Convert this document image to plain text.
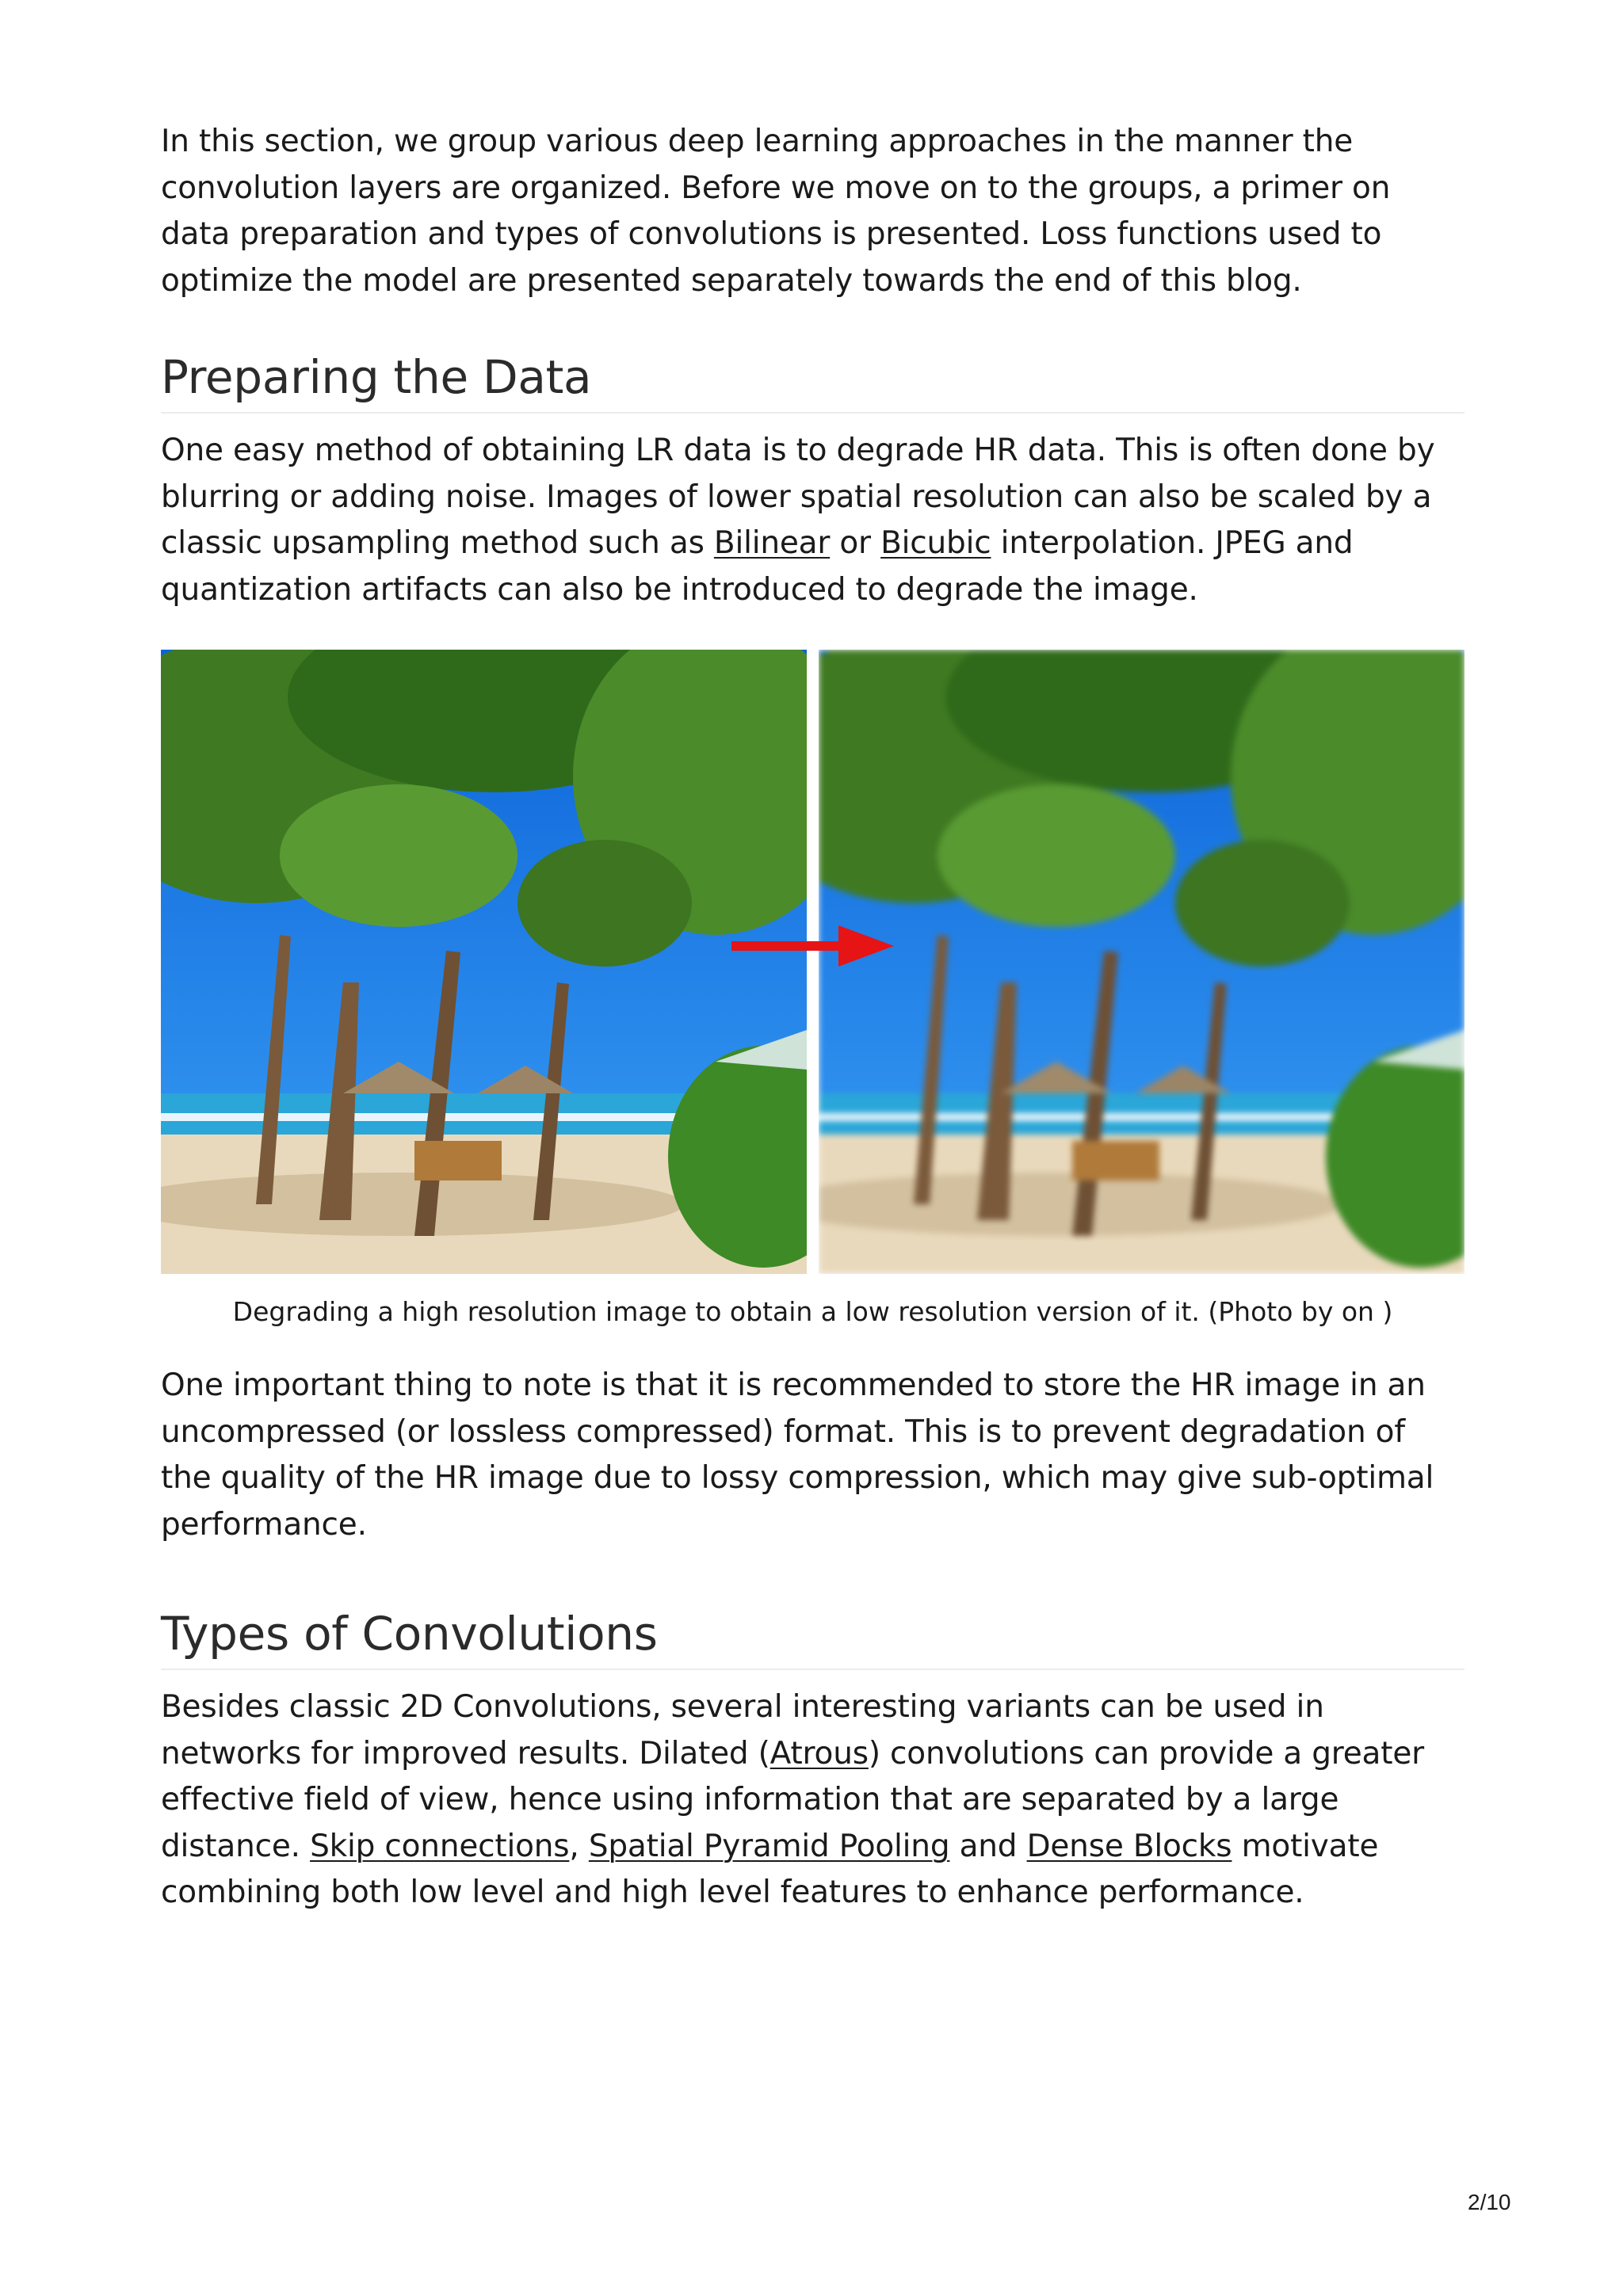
In this section, we group various deep learning approaches in the manner the convolution layers are organized. Before we move on to the groups, a primer on data preparation and types of convolutions is presented. Loss functions used to optimize the model are presented separately towards the end of this blog.

Preparing the Data

One easy method of obtaining LR data is to degrade HR data. This is often done by blurring or adding noise. Images of lower spatial resolution can also be scaled by a classic upsampling method such as Bilinear or Bicubic interpolation. JPEG and quantization artifacts can also be introduced to degrade the image.

Degrading a high resolution image to obtain a low resolution version of it. (Photo by on )

One important thing to note is that it is recommended to store the HR image in an uncompressed (or lossless compressed) format. This is to prevent degradation of the quality of the HR image due to lossy compression, which may give sub-optimal performance.

Types of Convolutions

Besides classic 2D Convolutions, several interesting variants can be used in networks for improved results. Dilated (Atrous) convolutions can provide a greater effective field of view, hence using information that are separated by a large distance. Skip connections, Spatial Pyramid Pooling and Dense Blocks motivate combining both low level and high level features to enhance performance.

2/10
